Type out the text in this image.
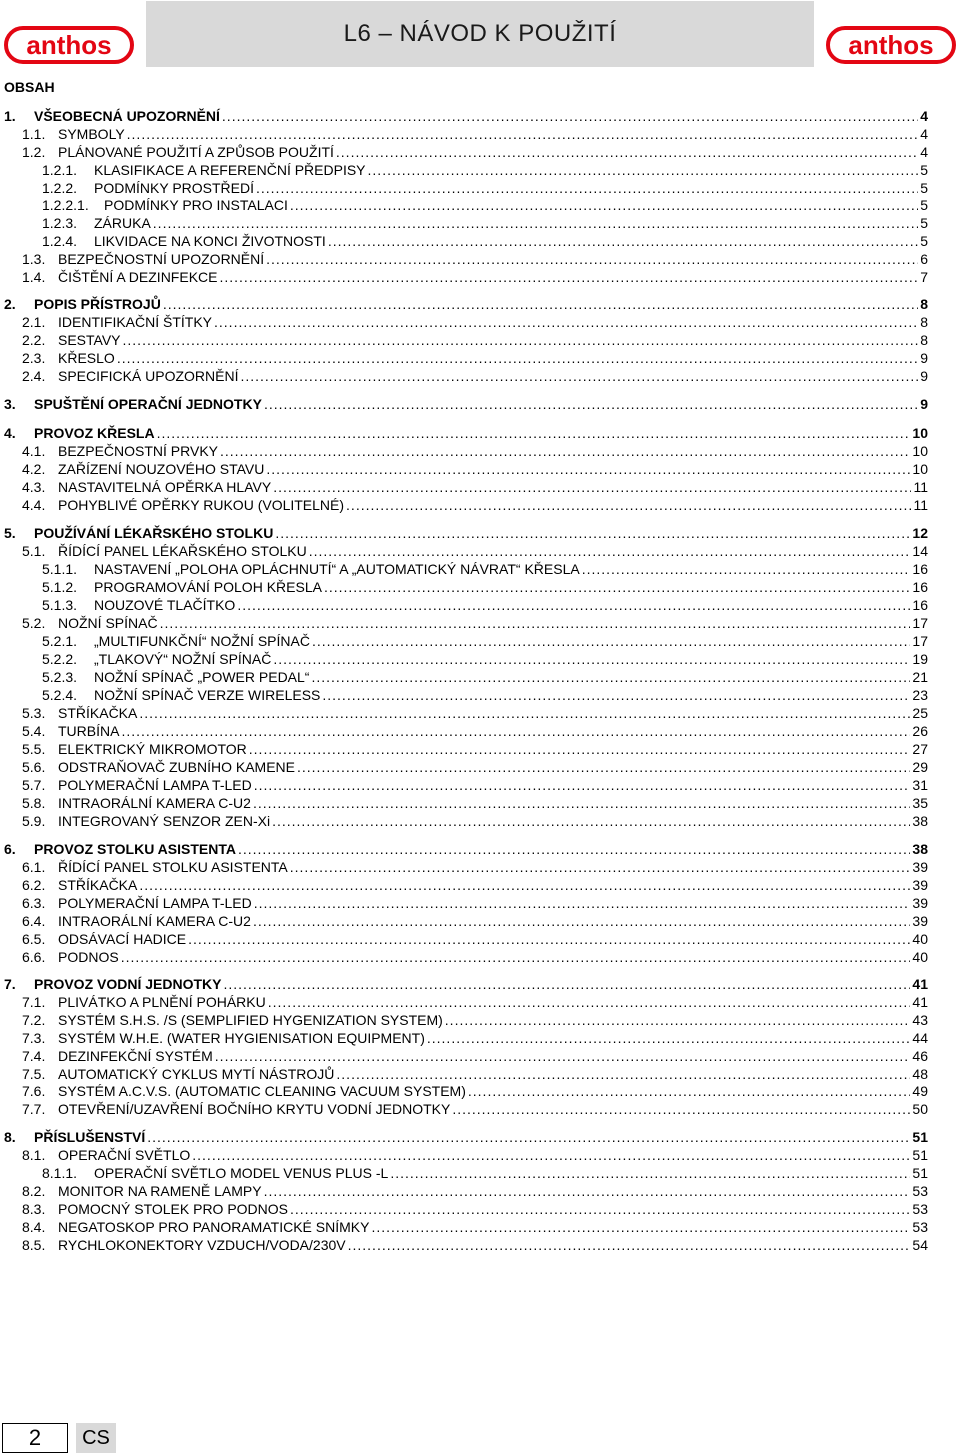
anthos	L6 – NÁVOD K POUŽITÍ	anthos
OBSAH
1.	VŠEOBECNÁ UPOZORNĚNÍ .....	4
1.1. SYMBOLY .....	4
1.2. PLÁNOVANÉ POUŽITÍ A ZPŮSOB POUŽITÍ .....	4
1.2.1.	KLASIFIKACE A REFERENČNÍ PŘEDPISY .....	5
1.2.2.	PODMÍNKY PROSTŘEDÍ .....	5
1.2.2.1.	PODMÍNKY PRO INSTALACI .....	5
1.2.3.	ZÁRUKA .....	5
1.2.4.	LIKVIDACE NA KONCI ŽIVOTNOSTI .....	5
1.3. BEZPEČNOSTNÍ UPOZORNĚNÍ .....	6
1.4. ČIŠTĚNÍ A DEZINFEKCE .....	7
2.	POPIS PŘÍSTROJŮ .....	8
2.1. IDENTIFIKAČNÍ ŠTÍTKY .....	8
2.2. SESTAVY .....	8
2.3. KŘESLO .....	9
2.4. SPECIFICKÁ UPOZORNĚNÍ .....	9
3.	SPUŠTĚNÍ OPERAČNÍ JEDNOTKY .....	9
4.	PROVOZ KŘESLA .....	10
4.1. BEZPEČNOSTNÍ PRVKY .....	10
4.2. ZAŘÍZENÍ NOUZOVÉHO STAVU .....	10
4.3. NASTAVITELNÁ OPĚRKA HLAVY .....	11
4.4. POHYBLIVÉ OPĚRKY RUKOU (VOLITELNÉ) .....	11
5.	POUŽÍVÁNÍ LÉKAŘSKÉHO STOLKU .....	12
5.1. ŘÍDÍCÍ PANEL LÉKAŘSKÉHO STOLKU .....	14
5.1.1.	NASTAVENÍ „POLOHA OPLÁCHNUTÍ“ A „AUTOMATICKÝ NÁVRAT“ KŘESLA .....	16
5.1.2.	PROGRAMOVÁNÍ POLOH KŘESLA .....	16
5.1.3.	NOUZOVÉ TLAČÍTKO .....	16
5.2. NOŽNÍ SPÍNAČ .....	17
5.2.1.	„MULTIFUNKČNÍ“ NOŽNÍ SPÍNAČ .....	17
5.2.2.	„TLAKOVÝ“ NOŽNÍ SPÍNAČ .....	19
5.2.3.	NOŽNÍ SPÍNAČ „POWER PEDAL“ .....	21
5.2.4.	NOŽNÍ SPÍNAČ VERZE WIRELESS .....	23
5.3. STŘÍKAČKA .....	25
5.4. TURBÍNA .....	26
5.5. ELEKTRICKÝ MIKROMOTOR .....	27
5.6. ODSTRAŇOVAČ ZUBNÍHO KAMENE .....	29
5.7. POLYMERAČNÍ LAMPA T-LED .....	31
5.8. INTRAORÁLNÍ KAMERA C-U2 .....	35
5.9. INTEGROVANÝ SENZOR ZEN-Xi .....	38
6.	PROVOZ STOLKU ASISTENTA .....	38
6.1. ŘÍDÍCÍ PANEL STOLKU ASISTENTA .....	39
6.2. STŘÍKAČKA .....	39
6.3. POLYMERAČNÍ LAMPA T-LED .....	39
6.4. INTRAORÁLNÍ KAMERA C-U2 .....	39
6.5. ODSÁVACÍ HADICE .....	40
6.6. PODNOS .....	40
7.	PROVOZ VODNÍ JEDNOTKY .....	41
7.1. PLIVÁTKO A PLNĚNÍ POHÁRKU .....	41
7.2. SYSTÉM S.H.S. /S (SEMPLIFIED HYGENIZATION SYSTEM) .....	43
7.3. SYSTÉM W.H.E. (WATER HYGIENISATION EQUIPMENT) .....	44
7.4. DEZINFEKČNÍ SYSTÉM .....	46
7.5. AUTOMATICKÝ CYKLUS MYTÍ NÁSTROJŮ .....	48
7.6. SYSTÉM A.C.V.S. (AUTOMATIC CLEANING VACUUM SYSTEM) .....	49
7.7. OTEVŘENÍ/UZAVŘENÍ BOČNÍHO KRYTU VODNÍ JEDNOTKY .....	50
8.	PŘÍSLUŠENSTVÍ .....	51
8.1. OPERAČNÍ SVĚTLO .....	51
8.1.1.	OPERAČNÍ SVĚTLO MODEL VENUS PLUS -L .....	51
8.2. MONITOR NA RAMENĚ LAMPY .....	53
8.3. POMOCNÝ STOLEK PRO PODNOS .....	53
8.4. NEGATOSKOP PRO PANORAMATICKÉ SNÍMKY .....	53
8.5. RYCHLOKONEKTORY VZDUCH/VODA/230V .....	54
2	CS
